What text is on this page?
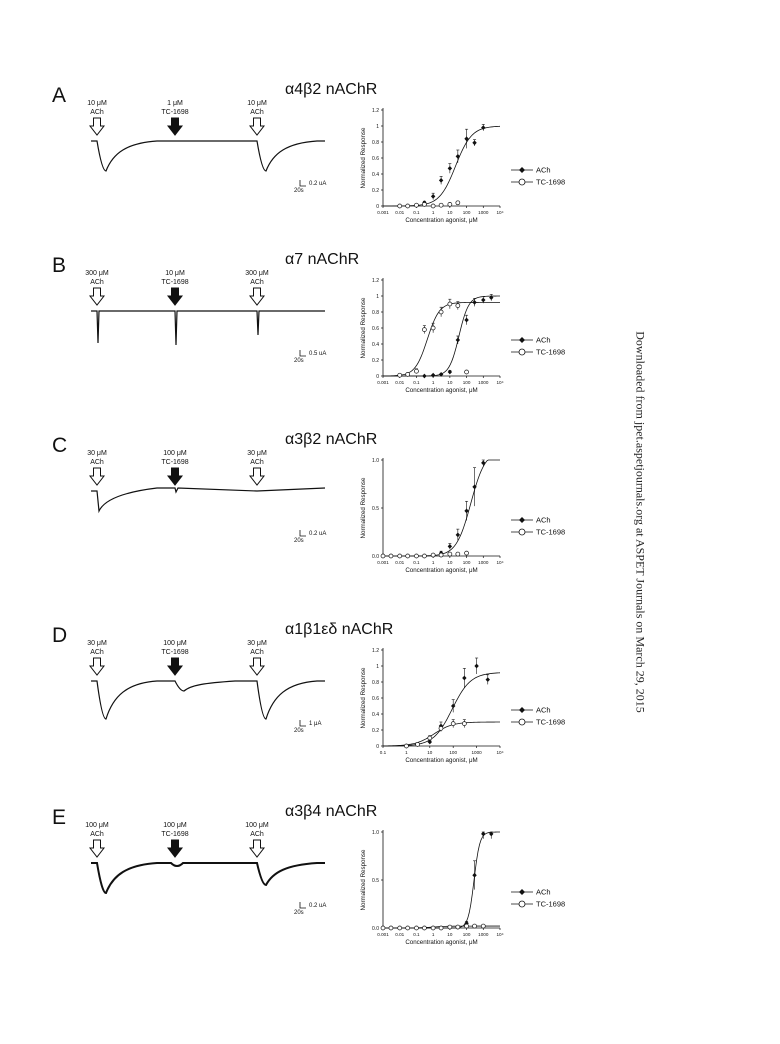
A	α4β2 nAChR
10 μM
ACh
1 μM
TC-1698
10 μM
ACh
0.2 uA
20s
0
0.2
0.4
0.6
0.8
1
1.2
0.001 0.01 0.1	1	10 100 1000 10⁴
Concentration agonist, μM
Normalized Response	ACh
TC-1698
B	α7 nAChR
300 μM
ACh
10 μM
TC-1698
300 μM
ACh
0.5 uA
20s
0
0.2
0.4
0.6
0.8
1
1.2
0.001 0.01 0.1	1	10 100 1000 10⁴
Concentration agonist, μM
Normalized Response	ACh
TC-1698
C	α3β2 nAChR
30 μM
ACh
100 μM
TC-1698
30 μM
ACh
0.2 uA
20s
0.0
0.5
1.0
0.001 0.01 0.1	1	10 100 1000 10⁴
Concentration agonist, μM
Normalized Response	ACh
TC-1698
D	α1β1εδ nAChR
30 μM
ACh
100 μM
TC-1698
30 μM
ACh
1 μA
20s
0
0.2
0.4
0.6
0.8
1
1.2
0.1	1	10	100	1000	10⁴
Concentration agonist, μM
Normalized Response	ACh
TC-1698
E	α3β4 nAChR
100 μM
ACh
100 μM
TC-1698
100 μM
ACh
0.2 uA
20s
0.0
0.5
1.0
0.001 0.01 0.1	1	10 100 1000 10⁴
Concentration agonist, μM
Normalized Response	ACh
TC-1698
Downloaded from jpet.aspetjournals.org at ASPET Journals on March 29, 2015
